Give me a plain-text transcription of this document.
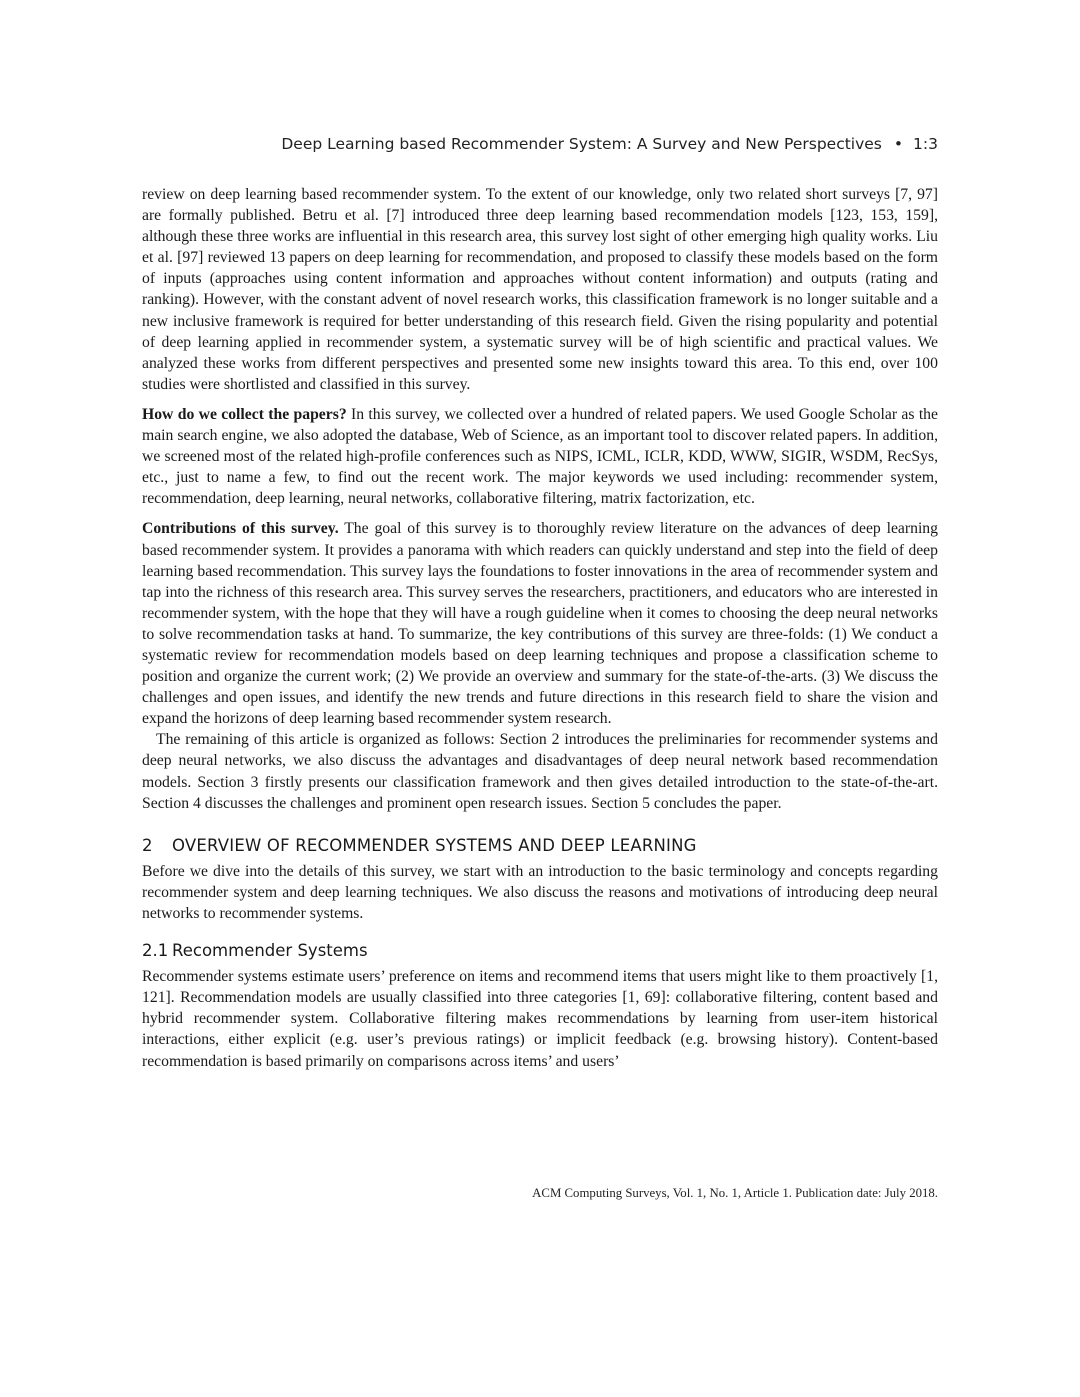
Deep Learning based Recommender System: A Survey and New Perspectives • 1:3

review on deep learning based recommender system. To the extent of our knowledge, only two related short surveys [7, 97] are formally published. Betru et al. [7] introduced three deep learning based recommendation models [123, 153, 159], although these three works are influential in this research area, this survey lost sight of other emerging high quality works. Liu et al. [97] reviewed 13 papers on deep learning for recommendation, and proposed to classify these models based on the form of inputs (approaches using content information and approaches without content information) and outputs (rating and ranking). However, with the constant advent of novel research works, this classification framework is no longer suitable and a new inclusive framework is required for better understanding of this research field. Given the rising popularity and potential of deep learning applied in recommender system, a systematic survey will be of high scientific and practical values. We analyzed these works from different perspectives and presented some new insights toward this area. To this end, over 100 studies were shortlisted and classified in this survey.

How do we collect the papers? In this survey, we collected over a hundred of related papers. We used Google Scholar as the main search engine, we also adopted the database, Web of Science, as an important tool to discover related papers. In addition, we screened most of the related high-profile conferences such as NIPS, ICML, ICLR, KDD, WWW, SIGIR, WSDM, RecSys, etc., just to name a few, to find out the recent work. The major keywords we used including: recommender system, recommendation, deep learning, neural networks, collaborative filtering, matrix factorization, etc.

Contributions of this survey. The goal of this survey is to thoroughly review literature on the advances of deep learning based recommender system. It provides a panorama with which readers can quickly understand and step into the field of deep learning based recommendation. This survey lays the foundations to foster innovations in the area of recommender system and tap into the richness of this research area. This survey serves the researchers, practitioners, and educators who are interested in recommender system, with the hope that they will have a rough guideline when it comes to choosing the deep neural networks to solve recommendation tasks at hand. To summarize, the key contributions of this survey are three-folds: (1) We conduct a systematic review for recommendation models based on deep learning techniques and propose a classification scheme to position and organize the current work; (2) We provide an overview and summary for the state-of-the-arts. (3) We discuss the challenges and open issues, and identify the new trends and future directions in this research field to share the vision and expand the horizons of deep learning based recommender system research.

The remaining of this article is organized as follows: Section 2 introduces the preliminaries for recommender systems and deep neural networks, we also discuss the advantages and disadvantages of deep neural network based recommendation models. Section 3 firstly presents our classification framework and then gives detailed introduction to the state-of-the-art. Section 4 discusses the challenges and prominent open research issues. Section 5 concludes the paper.

2 OVERVIEW OF RECOMMENDER SYSTEMS AND DEEP LEARNING

Before we dive into the details of this survey, we start with an introduction to the basic terminology and concepts regarding recommender system and deep learning techniques. We also discuss the reasons and motivations of introducing deep neural networks to recommender systems.

2.1 Recommender Systems

Recommender systems estimate users’ preference on items and recommend items that users might like to them proactively [1, 121]. Recommendation models are usually classified into three categories [1, 69]: collaborative filtering, content based and hybrid recommender system. Collaborative filtering makes recommendations by learning from user-item historical interactions, either explicit (e.g. user’s previous ratings) or implicit feedback (e.g. browsing history). Content-based recommendation is based primarily on comparisons across items’ and users’

ACM Computing Surveys, Vol. 1, No. 1, Article 1. Publication date: July 2018.
